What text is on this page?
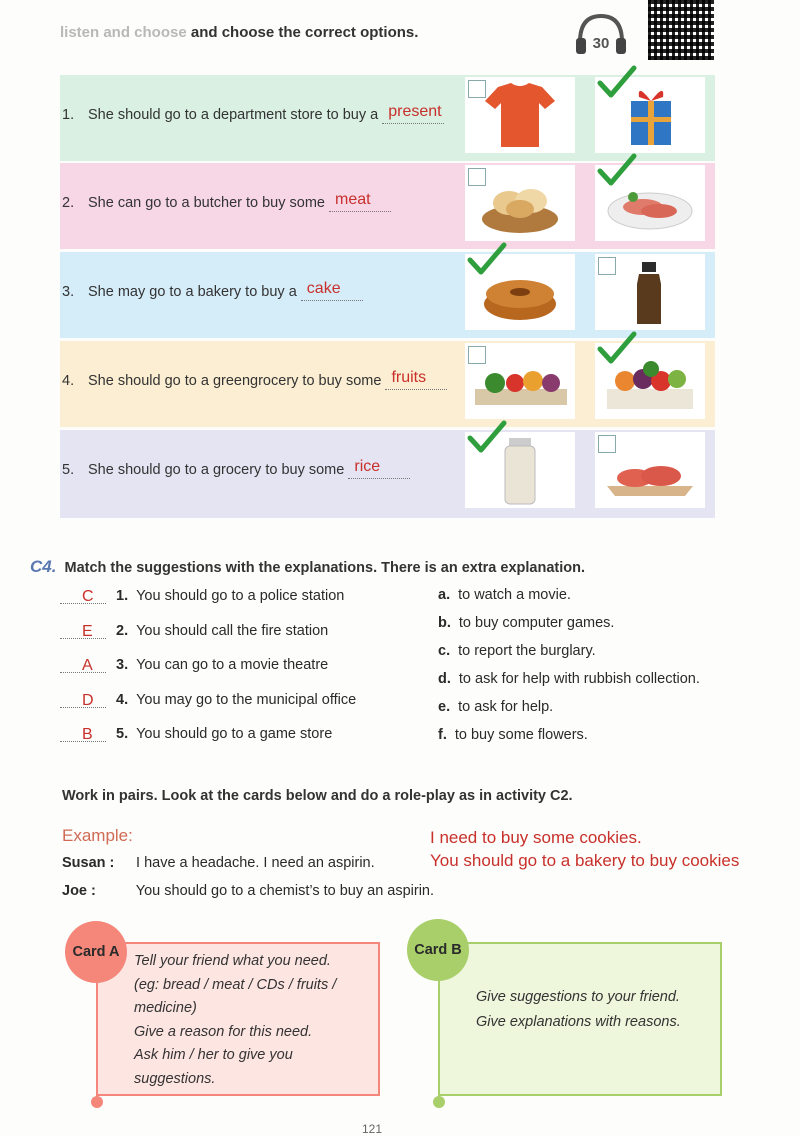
listen and choose and choose the correct options.
30
1. She should go to a department store to buy a present

2. She can go to a butcher to buy some meat

3. She may go to a bakery to buy a cake

4. She should go to a greengrocery to buy some fruits

5. She should go to a grocery to buy some rice

C4. Match the suggestions with the explanations. There is an extra explanation.
C 1. You should go to a police station
E 2. You should call the fire station
A 3. You can go to a movie theatre
D 4. You may go to the municipal office
B 5. You should go to a game store
a. to watch a movie.
b. to buy computer games.
c. to report the burglary.
d. to ask for help with rubbish collection.
e. to ask for help.
f. to buy some flowers.
Work in pairs. Look at the cards below and do a role-play as in activity C2.
Example:
Susan : I have a headache. I need an aspirin.
Joe :	You should go to a chemist’s to buy an aspirin.
I need to buy some cookies.
You should go to a bakery to buy cookies
Card A
Tell your friend what you need.
(eg: bread / meat / CDs / fruits /
medicine)
Give a reason for this need.
Ask him / her to give you
suggestions.
Card B
Give suggestions to your friend.
Give explanations with reasons.
121
